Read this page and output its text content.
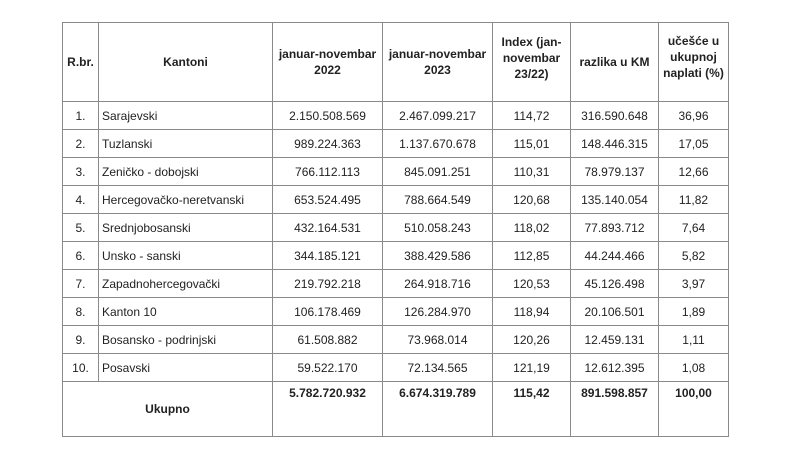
R.br.	Kantoni	januar-novembar 2022	januar-novembar 2023	Index (jan-novembar 23/22)	razlika u KM	učešće u ukupnoj naplati (%)

1.	Sarajevski	2.150.508.569	2.467.099.217	114,72	316.590.648	36,96
2.	Tuzlanski	989.224.363	1.137.670.678	115,01	148.446.315	17,05
3.	Zeničko - dobojski	766.112.113	845.091.251	110,31	78.979.137	12,66
4.	Hercegovačko-neretvanski	653.524.495	788.664.549	120,68	135.140.054	11,82
5.	Srednjobosanski	432.164.531	510.058.243	118,02	77.893.712	7,64
6.	Unsko - sanski	344.185.121	388.429.586	112,85	44.244.466	5,82
7.	Zapadnohercegovački	219.792.218	264.918.716	120,53	45.126.498	3,97
8.	Kanton 10	106.178.469	126.284.970	118,94	20.106.501	1,89
9.	Bosansko - podrinjski	61.508.882	73.968.014	120,26	12.459.131	1,11
10.	Posavski	59.522.170	72.134.565	121,19	12.612.395	1,08
Ukupno		5.782.720.932	6.674.319.789	115,42	891.598.857	100,00
